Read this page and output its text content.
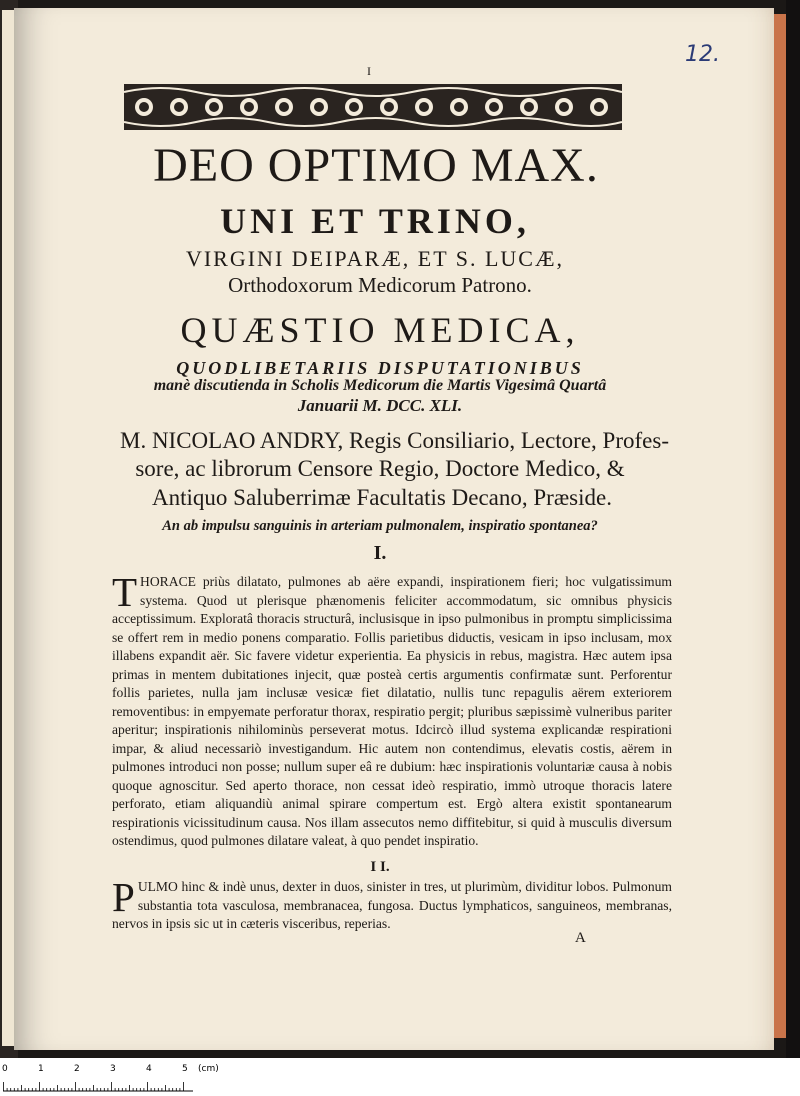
12.
I
DEO OPTIMO MAX.
UNI ET TRINO,
VIRGINI DEIPARÆ, ET S. LUCÆ,
Orthodoxorum Medicorum Patrono.
QUÆSTIO MEDICA,
QUODLIBETARIIS DISPUTATIONIBUS
manè discutienda in Scholis Medicorum die Martis Vigesimâ Quartâ
Januarii M. DCC. XLI.
M. NICOLAO ANDRY, Regis Consiliario, Lectore, Profes-
sore, ac librorum Censore Regio, Doctore Medico, &
Antiquo Saluberrimæ Facultatis Decano, Præside.
An ab impulsu sanguinis in arteriam pulmonalem, inspiratio spontanea?
I.
THORACE priùs dilatato, pulmones ab aëre expandi, inspirationem fieri; hoc vulgatissimum systema. Quod ut plerisque phænomenis feliciter accommodatum, sic omnibus physicis acceptissimum. Exploratâ thoracis structurâ, inclusisque in ipso pulmonibus in promptu simplicissima se offert rem in medio ponens comparatio. Follis parietibus diductis, vesicam in ipso inclusam, mox illabens expandit aër. Sic favere videtur experientia. Ea physicis in rebus, magistra. Hæc autem ipsa primas in mentem dubitationes injecit, quæ posteà certis argumentis confirmatæ sunt. Perforentur follis parietes, nulla jam inclusæ vesicæ fiet dilatatio, nullis tunc repagulis aërem exteriorem removentibus: in empyemate perforatur thorax, respiratio pergit; pluribus sæpissimè vulneribus pariter aperitur; inspirationis nihilominùs perseverat motus. Idcircò illud systema explicandæ respirationi impar, & aliud necessariò investigandum. Hic autem non contendimus, elevatis costis, aërem in pulmones introduci non posse; nullum super eâ re dubium: hæc inspirationis voluntariæ causa à nobis quoque agnoscitur. Sed aperto thorace, non cessat ideò respiratio, immò utroque thoracis latere perforato, etiam aliquandiù animal spirare compertum est. Ergò altera existit spontanearum respirationis vicissitudinum causa. Nos illam assecutos nemo diffitebitur, si quid à musculis diversum ostendimus, quod pulmones dilatare valeat, à quo pendet inspiratio.
I I.
PULMO hinc & indè unus, dexter in duos, sinister in tres, ut plurimùm, dividitur lobos. Pulmonum substantia tota vasculosa, membranacea, fungosa. Ductus lymphaticos, sanguineos, membranas, nervos in ipsis sic ut in cæteris visceribus, reperias.
A
0	1	2	3	4	5 (cm)
